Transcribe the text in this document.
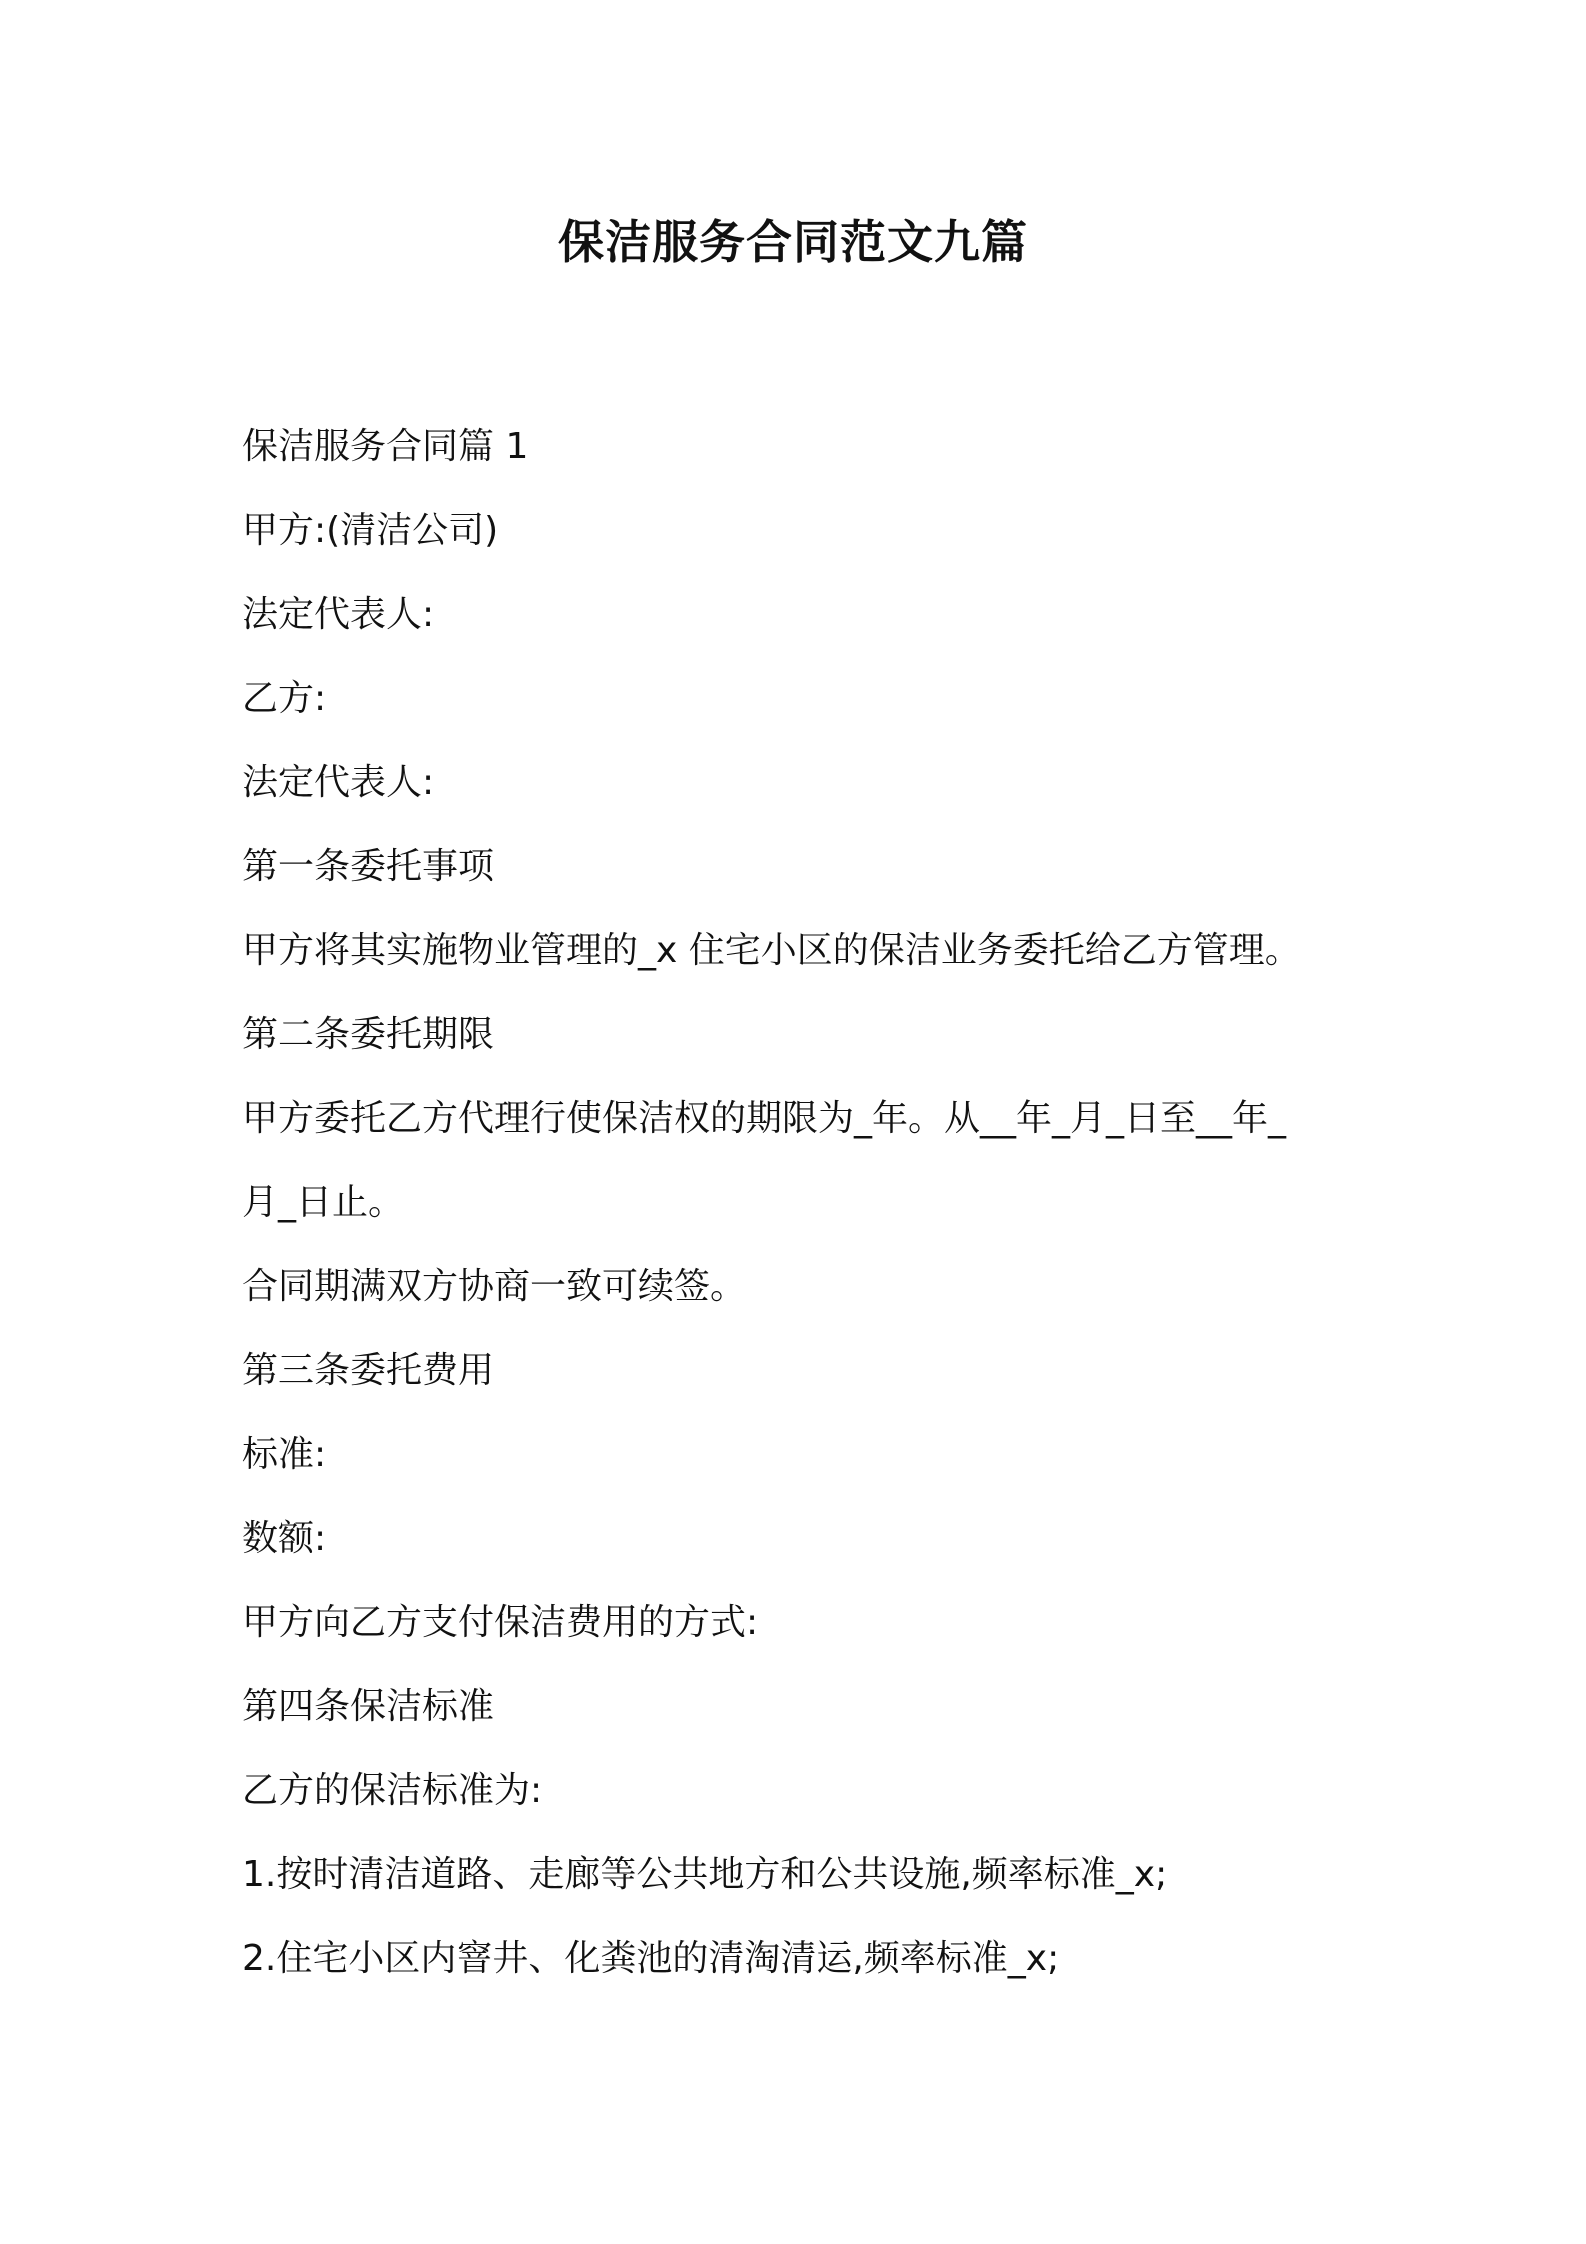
保洁服务合同范文九篇

保洁服务合同篇 1

甲方:(清洁公司)

法定代表人:

乙方:

法定代表人:

第一条委托事项

甲方将其实施物业管理的_x 住宅小区的保洁业务委托给乙方管理。

第二条委托期限

甲方委托乙方代理行使保洁权的期限为_年。从__年_月_日至__年_

月_日止。

合同期满双方协商一致可续签。

第三条委托费用

标准:

数额:

甲方向乙方支付保洁费用的方式:

第四条保洁标准

乙方的保洁标准为:

1.按时清洁道路、走廊等公共地方和公共设施,频率标准_x;

2.住宅小区内窨井、化粪池的清淘清运,频率标准_x;
